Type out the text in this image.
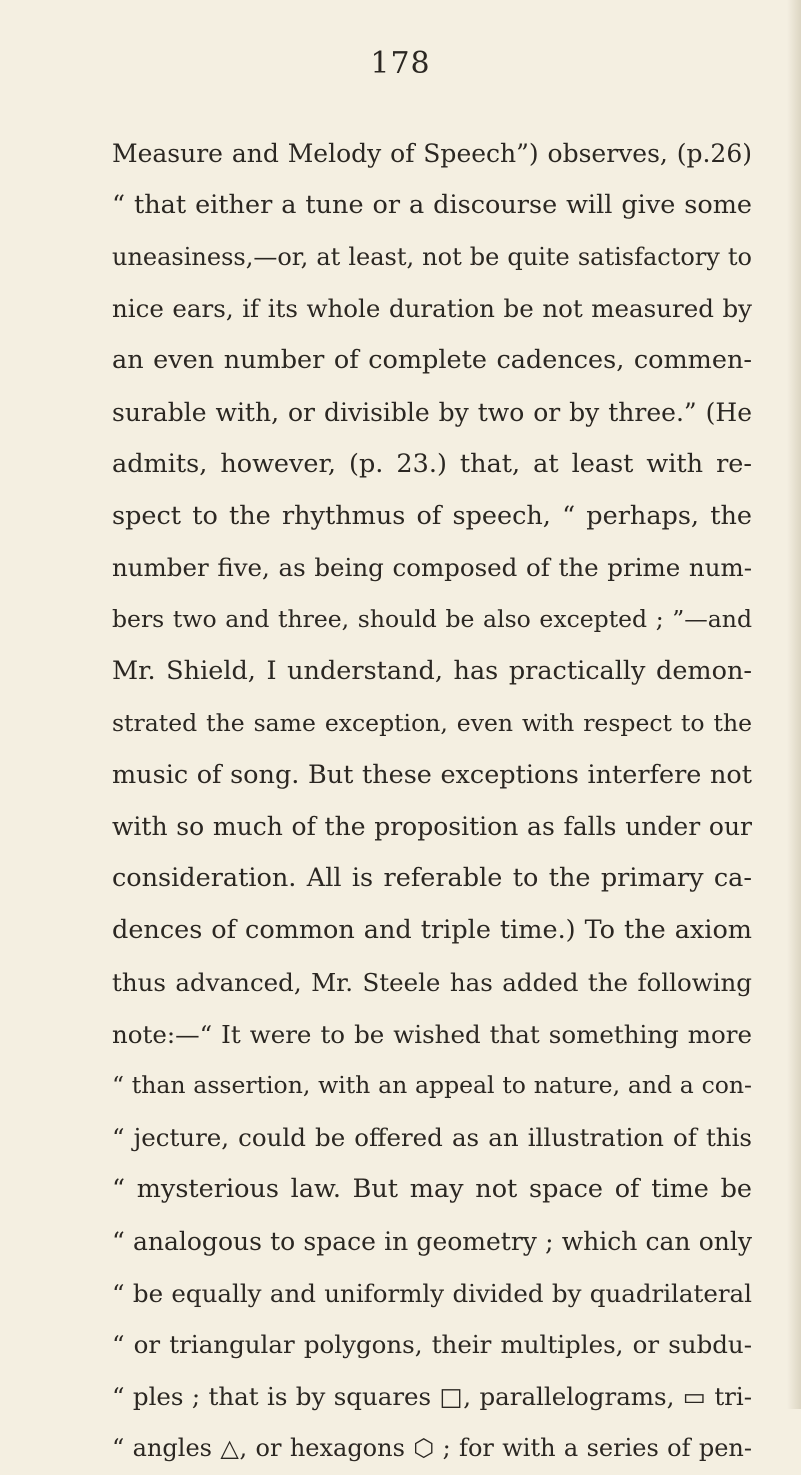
178

Measure and Melody of Speech”) observes, (p.26)
“ that either a tune or a discourse will give some
uneasiness,—or, at least, not be quite satisfactory to
nice ears, if its whole duration be not measured by
an even number of complete cadences, commen-
surable with, or divisible by two or by three.” (He
admits, however, (p. 23.) that, at least with re-
spect to the rhythmus of speech, “ perhaps, the
number five, as being composed of the prime num-
bers two and three, should be also excepted ; ”—and
Mr. Shield, I understand, has practically demon-
strated the same exception, even with respect to the
music of song. But these exceptions interfere not
with so much of the proposition as falls under our
consideration. All is referable to the primary ca-
dences of common and triple time.) To the axiom
thus advanced, Mr. Steele has added the following
note:—“ It were to be wished that something more
“ than assertion, with an appeal to nature, and a con-
“ jecture, could be offered as an illustration of this
“ mysterious law. But may not space of time be
“ analogous to space in geometry ; which can only
“ be equally and uniformly divided by quadrilateral
“ or triangular polygons, their multiples, or subdu-
“ ples ; that is by squares □, parallelograms, ▭ tri-
“ angles △, or hexagons ⬡ ; for with a series of pen-
